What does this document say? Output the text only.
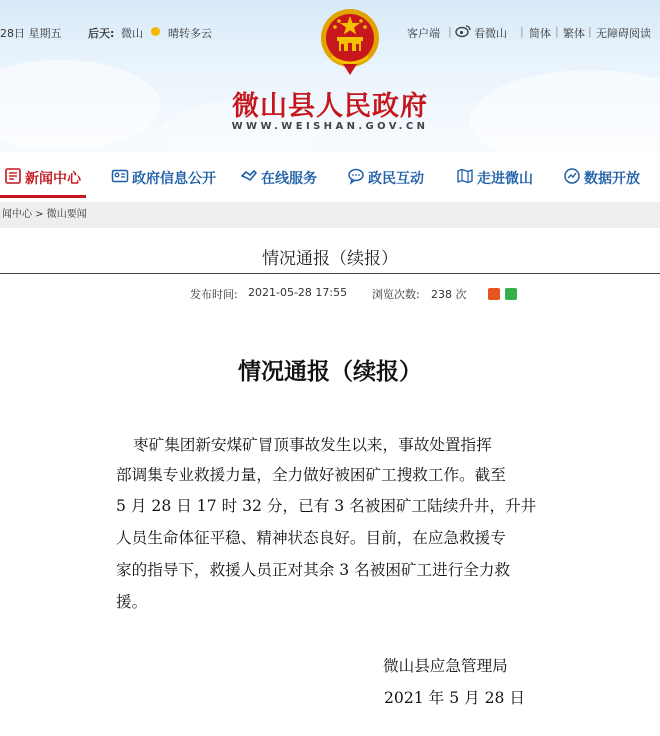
28日 星期五 后天: 微山 晴转多云	客户端 | 看微山 | 简体 | 繁体 | 无障碍阅读
微山县人民政府
WWW.WEISHAN.GOV.CN
新闻中心	政府信息公开	在线服务	政民互动	走进微山	数据开放
闻中心 > 微山要闻
情况通报（续报）
发布时间: 2021-05-28 17:55 浏览次数: 238 次
情况通报（续报）
枣矿集团新安煤矿冒顶事故发生以来，事故处置指挥
部调集专业救援力量，全力做好被困矿工搜救工作。截至
5 月 28 日 17 时 32 分，已有 3 名被困矿工陆续升井，升井
人员生命体征平稳、精神状态良好。目前，在应急救援专
家的指导下，救援人员正对其余 3 名被困矿工进行全力救
援。
微山县应急管理局
2021 年 5 月 28 日
